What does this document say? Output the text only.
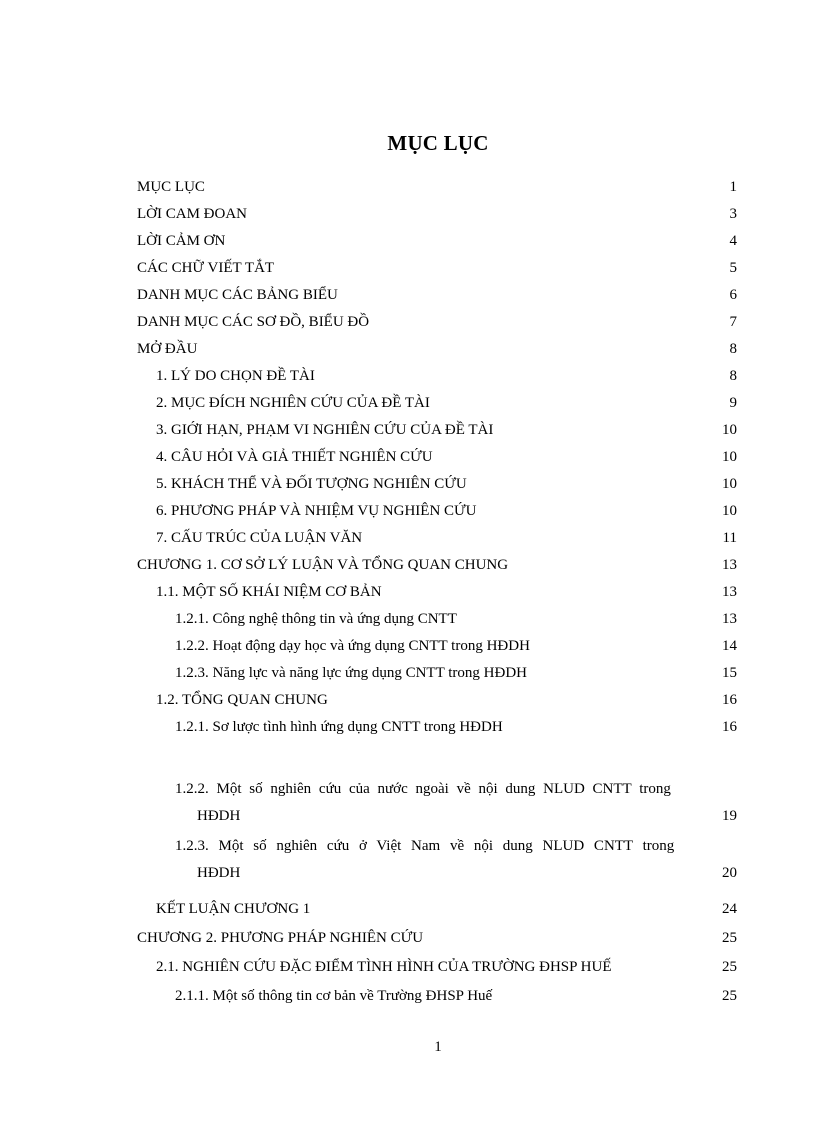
MỤC LỤC
MỤC LỤC	1
LỜI CAM ĐOAN	3
LỜI CẢM ƠN	4
CÁC CHỮ VIẾT TẮT	5
DANH MỤC CÁC BẢNG BIỂU	6
DANH MỤC CÁC SƠ ĐỒ, BIỂU ĐỒ	7
MỞ ĐẦU	8
1. LÝ DO CHỌN ĐỀ TÀI	8
2. MỤC ĐÍCH NGHIÊN CỨU CỦA ĐỀ TÀI	9
3. GIỚI HẠN, PHẠM VI NGHIÊN CỨU CỦA ĐỀ TÀI	10
4. CÂU HỎI VÀ GIẢ THIẾT NGHIÊN CỨU	10
5. KHÁCH THỂ VÀ ĐỐI TƯỢNG NGHIÊN CỨU	10
6. PHƯƠNG PHÁP VÀ NHIỆM VỤ NGHIÊN CỨU	10
7. CẤU TRÚC CỦA LUẬN VĂN	11
CHƯƠNG 1. CƠ SỞ LÝ LUẬN VÀ TỔNG QUAN CHUNG	13
1.1. MỘT SỐ KHÁI NIỆM CƠ BẢN	13
1.2.1. Công nghệ thông tin và ứng dụng CNTT	13
1.2.2. Hoạt động dạy học và ứng dụng CNTT trong HĐDH	14
1.2.3. Năng lực và năng lực ứng dụng CNTT trong HĐDH	15
1.2. TỔNG QUAN CHUNG	16
1.2.1. Sơ lược tình hình ứng dụng CNTT trong HĐDH	16
1.2.2. Một số nghiên cứu của nước ngoài về nội dung NLUD CNTT trong
HĐDH	19
1.2.3. Một số nghiên cứu ở Việt Nam về nội dung NLUD CNTT trong
HĐDH	20
KẾT LUẬN CHƯƠNG 1	24
CHƯƠNG 2. PHƯƠNG PHÁP NGHIÊN CỨU	25
2.1. NGHIÊN CỨU ĐẶC ĐIỂM TÌNH HÌNH CỦA TRƯỜNG ĐHSP HUẾ	25
2.1.1. Một số thông tin cơ bản về Trường ĐHSP Huế	25
1
